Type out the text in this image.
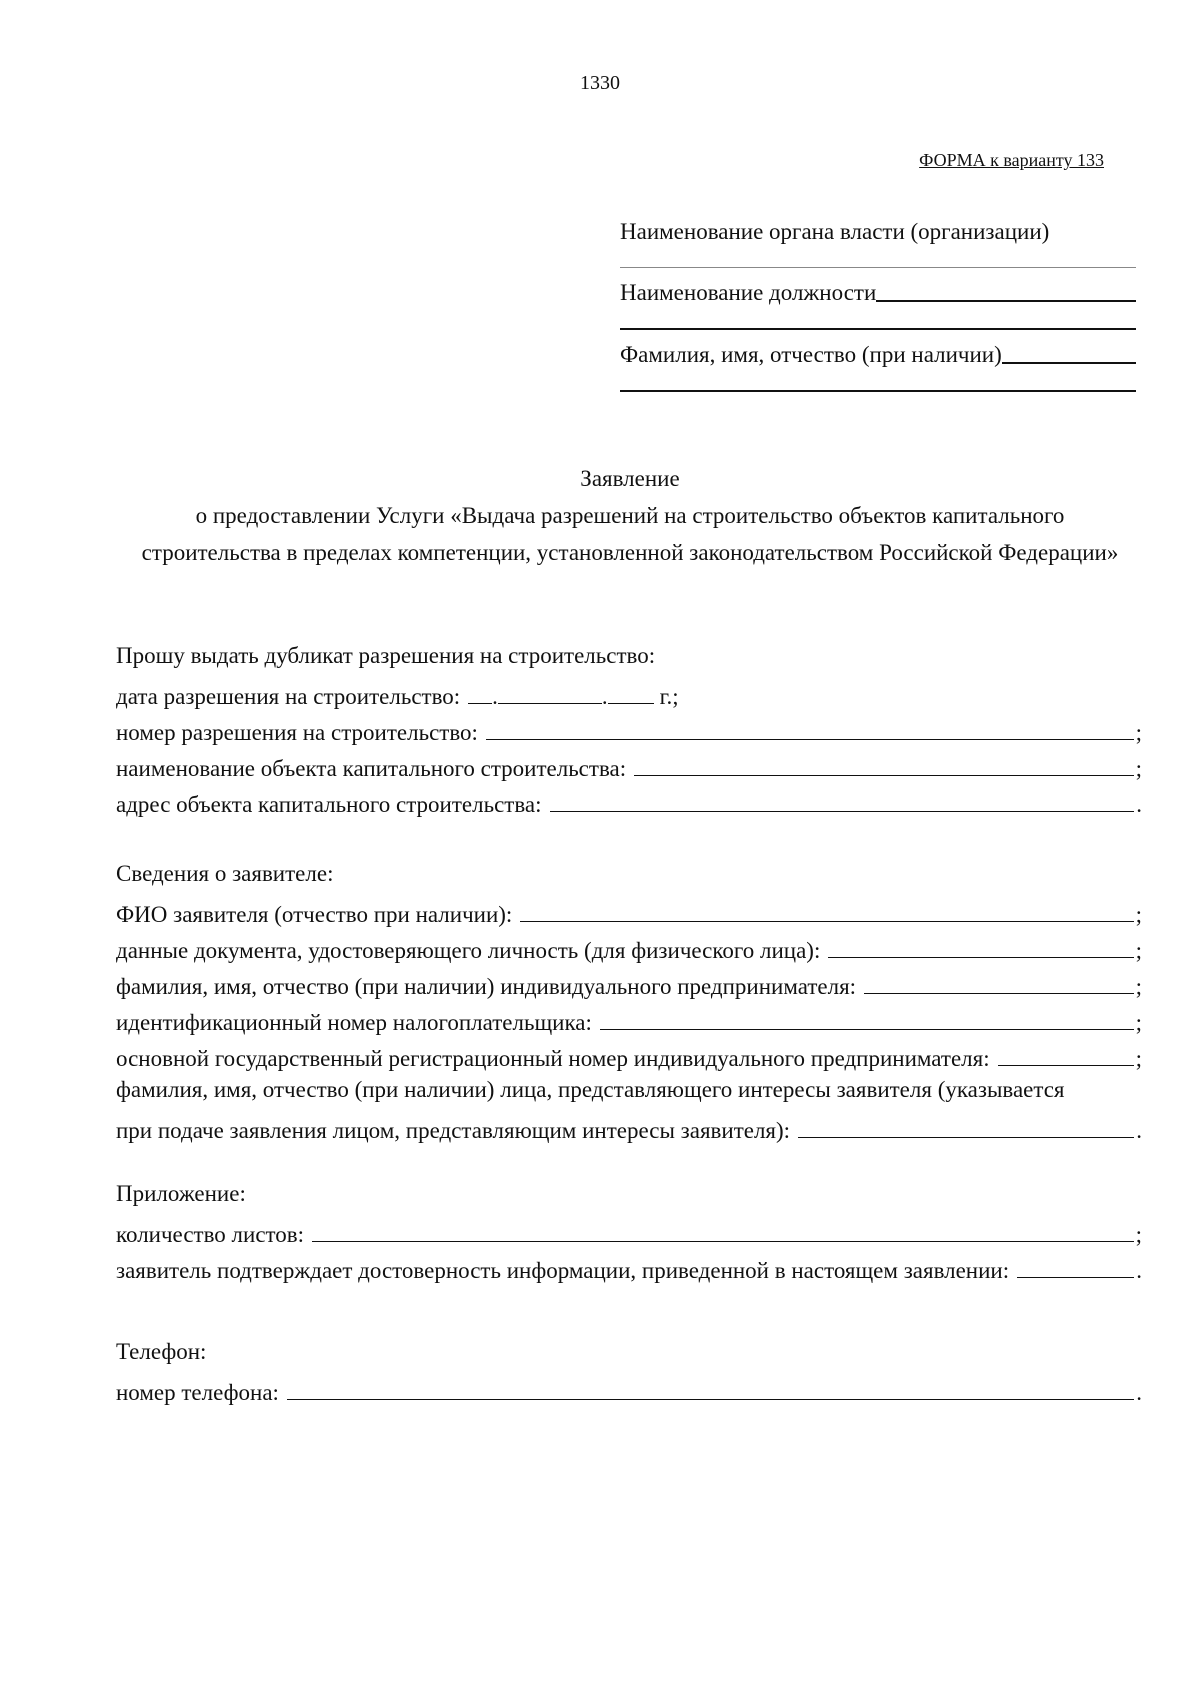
1330
ФОРМА к варианту 133
Наименование органа власти (организации)
Наименование должности
Фамилия, имя, отчество (при наличии)
Заявление
о предоставлении Услуги «Выдача разрешений на строительство объектов капитального строительства в пределах компетенции, установленной законодательством Российской Федерации»
Прошу выдать дубликат разрешения на строительство:
дата разрешения на строительство: .	. г.;
номер разрешения на строительство:	;
наименование объекта капитального строительства:	;
адрес объекта капитального строительства:	.
Сведения о заявителе:
ФИО заявителя (отчество при наличии):	;
данные документа, удостоверяющего личность (для физического лица):	;
фамилия, имя, отчество (при наличии) индивидуального предпринимателя:	;
идентификационный номер налогоплательщика:	;
основной государственный регистрационный номер индивидуального предпринимателя:	;
фамилия, имя, отчество (при наличии) лица, представляющего интересы заявителя (указывается
при подаче заявления лицом, представляющим интересы заявителя):	.
Приложение:
количество листов:	;
заявитель подтверждает достоверность информации, приведенной в настоящем заявлении:	.
Телефон:
номер телефона:	.
